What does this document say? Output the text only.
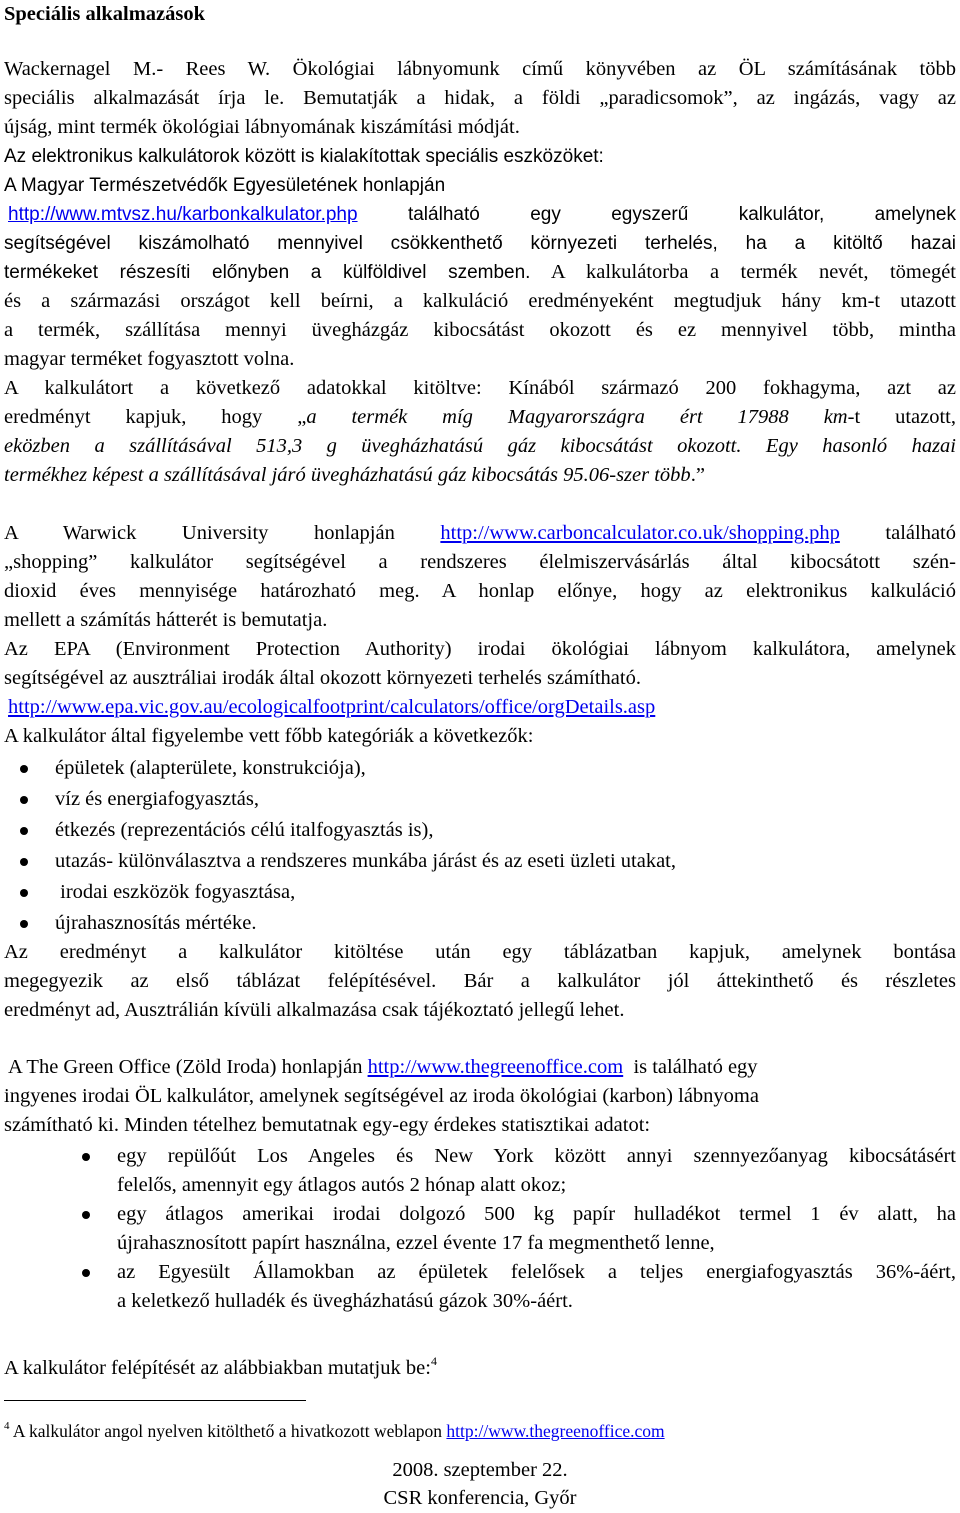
Speciális alkalmazások
Wackernagel M.- Rees W. Ökológiai lábnyomunk című könyvében az ÖL számításának több
speciális alkalmazását írja le. Bemutatják a hidak, a földi „paradicsomok”, az ingázás, vagy az
újság, mint termék ökológiai lábnyomának kiszámítási módját.
Az elektronikus kalkulátorok között is kialakítottak speciális eszközöket:
A Magyar Természetvédők Egyesületének honlapján
http://www.mtvsz.hu/karbonkalkulator.php található egy egyszerű kalkulátor, amelynek
segítségével kiszámolható mennyivel csökkenthető környezeti terhelés, ha a kitöltő hazai
termékeket részesíti előnyben a külföldivel szemben. A kalkulátorba a termék nevét, tömegét
és a származási országot kell beírni, a kalkuláció eredményeként megtudjuk hány km-t utazott
a termék, szállítása mennyi üvegházgáz kibocsátást okozott és ez mennyivel több, mintha
magyar terméket fogyasztott volna.
A kalkulátort a következő adatokkal kitöltve: Kínából származó 200 fokhagyma, azt az
eredményt kapjuk, hogy „a termék míg Magyarországra ért 17988 km-t utazott,
eközben a szállításával 513,3 g üvegházhatású gáz kibocsátást okozott. Egy hasonló hazai
termékhez képest a szállításával járó üvegházhatású gáz kibocsátás 95.06-szer több.”
A Warwick University honlapján http://www.carboncalculator.co.uk/shopping.php található
„shopping” kalkulátor segítségével a rendszeres élelmiszervásárlás által kibocsátott szén-
dioxid éves mennyisége határozható meg. A honlap előnye, hogy az elektronikus kalkuláció
mellett a számítás hátterét is bemutatja.
Az EPA (Environment Protection Authority) irodai ökológiai lábnyom kalkulátora, amelynek
segítségével az ausztráliai irodák által okozott környezeti terhelés számítható.
http://www.epa.vic.gov.au/ecologicalfootprint/calculators/office/orgDetails.asp
A kalkulátor által figyelembe vett főbb kategóriák a következők:
épületek (alapterülete, konstrukciója),
víz és energiafogyasztás,
étkezés (reprezentációs célú italfogyasztás is),
utazás- különválasztva a rendszeres munkába járást és az eseti üzleti utakat,
irodai eszközök fogyasztása,
újrahasznosítás mértéke.
Az eredményt a kalkulátor kitöltése után egy táblázatban kapjuk, amelynek bontása
megegyezik az első táblázat felépítésével. Bár a kalkulátor jól áttekinthető és részletes
eredményt ad, Ausztrálián kívüli alkalmazása csak tájékoztató jellegű lehet.
A The Green Office (Zöld Iroda) honlapján http://www.thegreenoffice.com  is található egy
ingyenes irodai ÖL kalkulátor, amelynek segítségével az iroda ökológiai (karbon) lábnyoma
számítható ki. Minden tételhez bemutatnak egy-egy érdekes statisztikai adatot:
egy repülőút Los Angeles és New York között annyi szennyezőanyag kibocsátásért
felelős, amennyit egy átlagos autós 2 hónap alatt okoz;
egy átlagos amerikai irodai dolgozó 500 kg papír hulladékot termel 1 év alatt, ha
újrahasznosított papírt használna, ezzel évente 17 fa megmenthető lenne,
az Egyesült Államokban az épületek felelősek a teljes energiafogyasztás 36%-áért,
a keletkező hulladék és üvegházhatású gázok 30%-áért.
A kalkulátor felépítését az alábbiakban mutatjuk be:$^4$
$^4$ A kalkulátor angol nyelven kitölthető a hivatkozott weblapon http://www.thegreenoffice.com
2008. szeptember 22.
CSR konferencia, Győr
